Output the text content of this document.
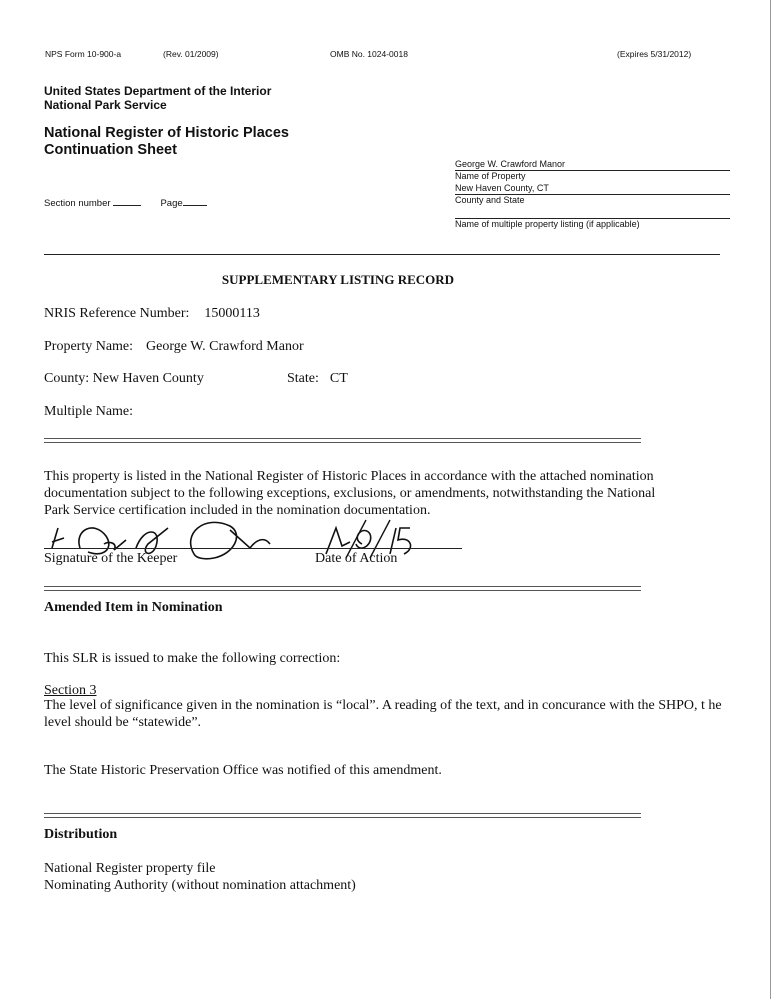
NPS Form 10-900-a	(Rev. 01/2009)	OMB No. 1024-0018	(Expires 5/31/2012)
United States Department of the Interior
National Park Service
National Register of Historic Places
Continuation Sheet
Section number	Page
George W. Crawford Manor
Name of Property
New Haven County, CT
County and State
Name of multiple property listing (if applicable)
SUPPLEMENTARY LISTING RECORD
NRIS Reference Number: 15000113
Property Name: George W. Crawford Manor
County: New Haven County	State: CT
Multiple Name:
This property is listed in the National Register of Historic Places in accordance with the attached nomination
documentation subject to the following exceptions, exclusions, or amendments, notwithstanding the National
Park Service certification included in the nomination documentation.
Signature of the Keeper	Date of Action
Amended Item in Nomination
This SLR is issued to make the following correction:
Section 3
The level of significance given in the nomination is “local”. A reading of the text, and in concurance with the SHPO, t he
level should be “statewide”.
The State Historic Preservation Office was notified of this amendment.
Distribution
National Register property file
Nominating Authority (without nomination attachment)
